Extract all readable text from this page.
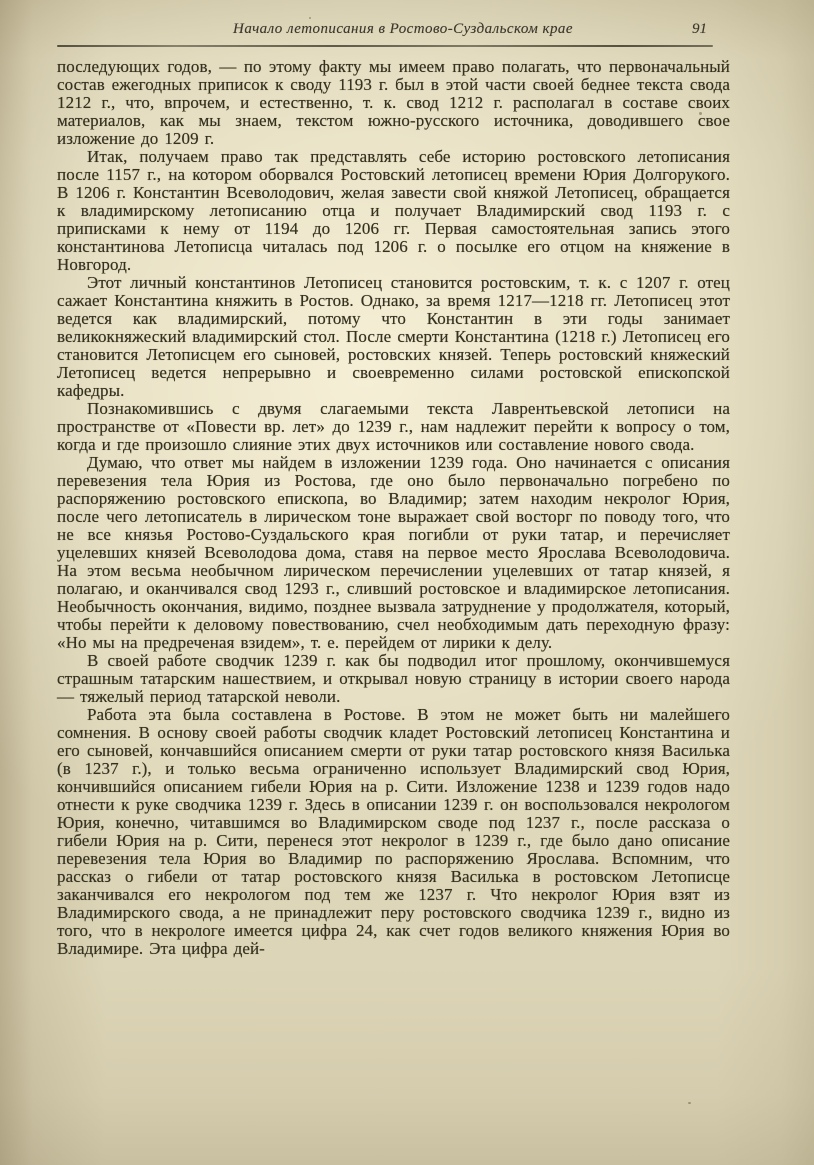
Начало летописания в Ростово-Суздальском крае	91

последующих годов, — по этому факту мы имеем право полагать, что первоначальный состав ежегодных приписок к своду 1193 г. был в этой части своей беднее текста свода 1212 г., что, впрочем, и естественно, т. к. свод 1212 г. располагал в составе своих материалов, как мы знаем, текстом южно-русского источника, доводившего свое изложение до 1209 г.

Итак, получаем право так представлять себе историю ростовского летописания после 1157 г., на котором оборвался Ростовский летописец времени Юрия Долгорукого. В 1206 г. Константин Всеволодович, желая завести свой княжой Летописец, обращается к владимирскому летописанию отца и получает Владимирский свод 1193 г. с приписками к нему от 1194 до 1206 гг. Первая самостоятельная запись этого константинова Летописца читалась под 1206 г. о посылке его отцом на княжение в Новгород.

Этот личный константинов Летописец становится ростовским, т. к. с 1207 г. отец сажает Константина княжить в Ростов. Однако, за время 1217—1218 гг. Летописец этот ведется как владимирский, потому что Константин в эти годы занимает великокняжеский владимирский стол. После смерти Константина (1218 г.) Летописец его становится Летописцем его сыновей, ростовских князей. Теперь ростовский княжеский Летописец ведется непрерывно и своевременно силами ростовской епископской кафедры.

Познакомившись с двумя слагаемыми текста Лаврентьевской летописи на пространстве от «Повести вр. лет» до 1239 г., нам надлежит перейти к вопросу о том, когда и где произошло слияние этих двух источников или составление нового свода.

Думаю, что ответ мы найдем в изложении 1239 года. Оно начинается с описания перевезения тела Юрия из Ростова, где оно было первоначально погребено по распоряжению ростовского епископа, во Владимир; затем находим некролог Юрия, после чего летописатель в лирическом тоне выражает свой восторг по поводу того, что не все князья Ростово-Суздальского края погибли от руки татар, и перечисляет уцелевших князей Всеволодова дома, ставя на первое место Ярослава Всеволодовича. На этом весьма необычном лирическом перечислении уцелевших от татар князей, я полагаю, и оканчивался свод 1293 г., сливший ростовское и владимирское летописания. Необычность окончания, видимо, позднее вызвала затруднение у продолжателя, который, чтобы перейти к деловому повествованию, счел необходимым дать переходную фразу: «Но мы на предреченая взидем», т. е. перейдем от лирики к делу.

В своей работе сводчик 1239 г. как бы подводил итог прошлому, окончившемуся страшным татарским нашествием, и открывал новую страницу в истории своего народа — тяжелый период татарской неволи.

Работа эта была составлена в Ростове. В этом не может быть ни малейшего сомнения. В основу своей работы сводчик кладет Ростовский летописец Константина и его сыновей, кончавшийся описанием смерти от руки татар ростовского князя Василька (в 1237 г.), и только весьма ограниченно использует Владимирский свод Юрия, кончившийся описанием гибели Юрия на р. Сити. Изложение 1238 и 1239 годов надо отнести к руке сводчика 1239 г. Здесь в описании 1239 г. он воспользовался некрологом Юрия, конечно, читавшимся во Владимирском своде под 1237 г., после рассказа о гибели Юрия на р. Сити, перенеся этот некролог в 1239 г., где было дано описание перевезения тела Юрия во Владимир по распоряжению Ярослава. Вспомним, что рассказ о гибели от татар ростовского князя Василька в ростовском Летописце заканчивался его некрологом под тем же 1237 г. Что некролог Юрия взят из Владимирского свода, а не принадлежит перу ростовского сводчика 1239 г., видно из того, что в некрологе имеется цифра 24, как счет годов великого княжения Юрия во Владимире. Эта цифра дей-
